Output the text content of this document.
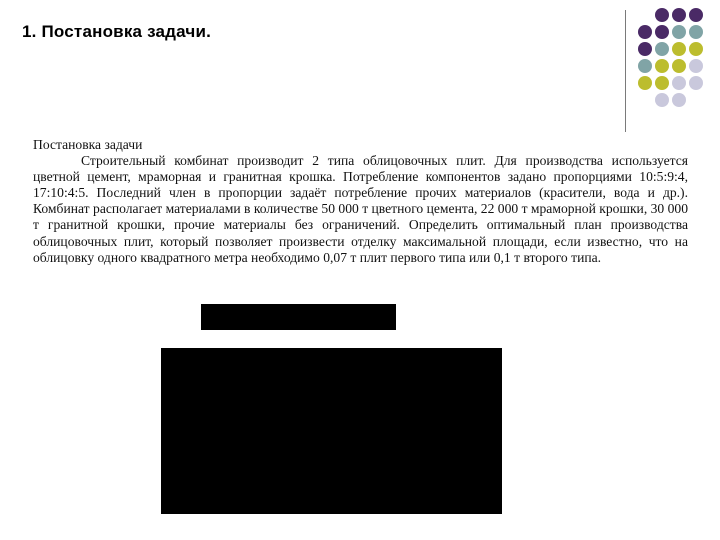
1. Постановка задачи.
Постановка задачи
Строительный комбинат производит 2 типа облицовочных плит. Для производства используется цветной цемент, мраморная и гранитная крошка. Потребление компонентов задано пропорциями 10:5:9:4, 17:10:4:5. Последний член в пропорции задаёт потребление прочих материалов (красители, вода и др.). Комбинат располагает материалами в количестве 50 000 т цветного цемента, 22 000 т мраморной крошки, 30 000 т гранитной крошки, прочие материалы без ограничений. Определить оптимальный план производства облицовочных плит, который позволяет произвести отделку максимальной площади, если известно, что на облицовку одного квадратного метра необходимо 0,07 т плит первого типа или 0,1 т второго типа.
